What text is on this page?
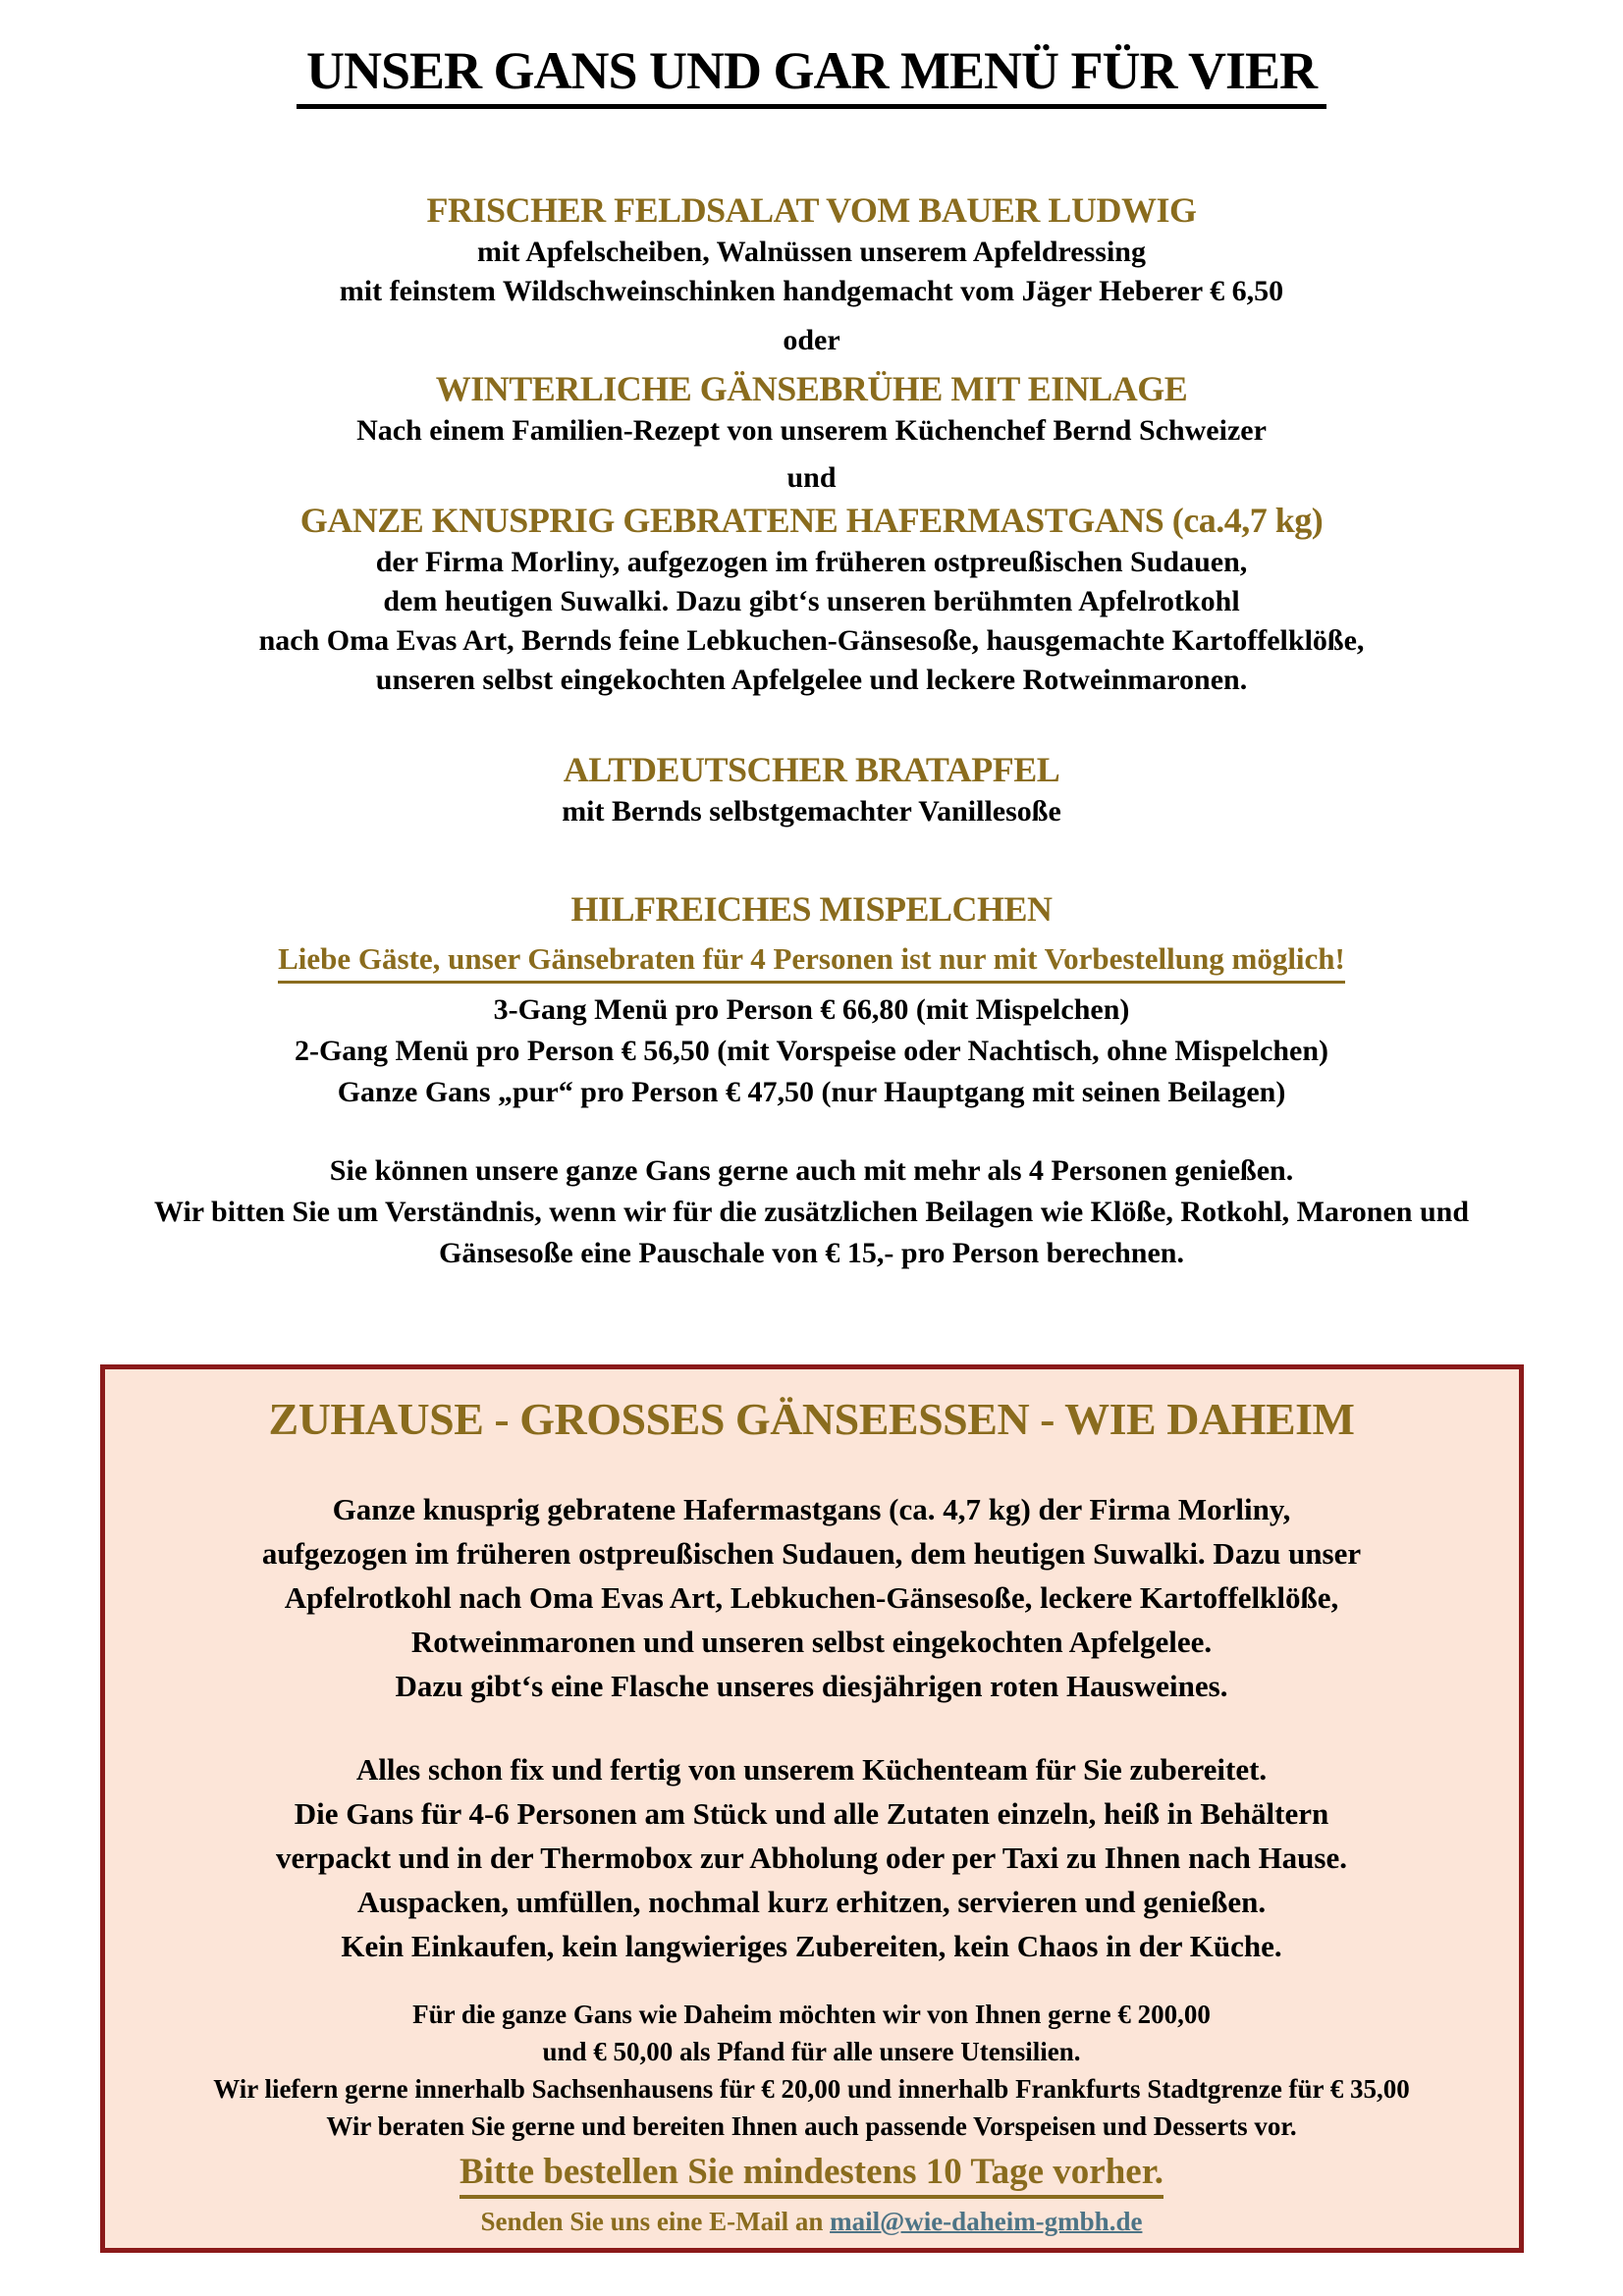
UNSER GANS UND GAR MENÜ FÜR VIER
FRISCHER FELDSALAT VOM BAUER LUDWIG
mit Apfelscheiben, Walnüssen unserem Apfeldressing
mit feinstem Wildschweinschinken handgemacht vom Jäger Heberer € 6,50
oder
WINTERLICHE GÄNSEBRÜHE MIT EINLAGE
Nach einem Familien-Rezept von unserem Küchenchef Bernd Schweizer
und
GANZE KNUSPRIG GEBRATENE HAFERMASTGANS (ca.4,7 kg)
der Firma Morliny, aufgezogen im früheren ostpreußischen Sudauen,
dem heutigen Suwalki. Dazu gibt‘s unseren berühmten Apfelrotkohl
nach Oma Evas Art, Bernds feine Lebkuchen-Gänsesoße, hausgemachte Kartoffelklöße,
unseren selbst eingekochten Apfelgelee und leckere Rotweinmaronen.
ALTDEUTSCHER BRATAPFEL
mit Bernds selbstgemachter Vanillesoße
HILFREICHES MISPELCHEN
Liebe Gäste, unser Gänsebraten für 4 Personen ist nur mit Vorbestellung möglich!
3-Gang Menü pro Person € 66,80 (mit Mispelchen)
2-Gang Menü pro Person € 56,50 (mit Vorspeise oder Nachtisch, ohne Mispelchen)
Ganze Gans „pur“ pro Person € 47,50 (nur Hauptgang mit seinen Beilagen)
Sie können unsere ganze Gans gerne auch mit mehr als 4 Personen genießen.
Wir bitten Sie um Verständnis, wenn wir für die zusätzlichen Beilagen wie Klöße, Rotkohl, Maronen und
Gänsesoße eine Pauschale von € 15,- pro Person berechnen.
ZUHAUSE - GROSSES GÄNSEESSEN - WIE DAHEIM
Ganze knusprig gebratene Hafermastgans (ca. 4,7 kg) der Firma Morliny,
aufgezogen im früheren ostpreußischen Sudauen, dem heutigen Suwalki. Dazu unser
Apfelrotkohl nach Oma Evas Art, Lebkuchen-Gänsesoße, leckere Kartoffelklöße,
Rotweinmaronen und unseren selbst eingekochten Apfelgelee.
Dazu gibt‘s eine Flasche unseres diesjährigen roten Hausweines.
Alles schon fix und fertig von unserem Küchenteam für Sie zubereitet.
Die Gans für 4-6 Personen am Stück und alle Zutaten einzeln, heiß in Behältern
verpackt und in der Thermobox zur Abholung oder per Taxi zu Ihnen nach Hause.
Auspacken, umfüllen, nochmal kurz erhitzen, servieren und genießen.
Kein Einkaufen, kein langwieriges Zubereiten, kein Chaos in der Küche.
Für die ganze Gans wie Daheim möchten wir von Ihnen gerne € 200,00
und € 50,00 als Pfand für alle unsere Utensilien.
Wir liefern gerne innerhalb Sachsenhausens für € 20,00 und innerhalb Frankfurts Stadtgrenze für € 35,00
Wir beraten Sie gerne und bereiten Ihnen auch passende Vorspeisen und Desserts vor.
Bitte bestellen Sie mindestens 10 Tage vorher.
Senden Sie uns eine E-Mail an mail@wie-daheim-gmbh.de
